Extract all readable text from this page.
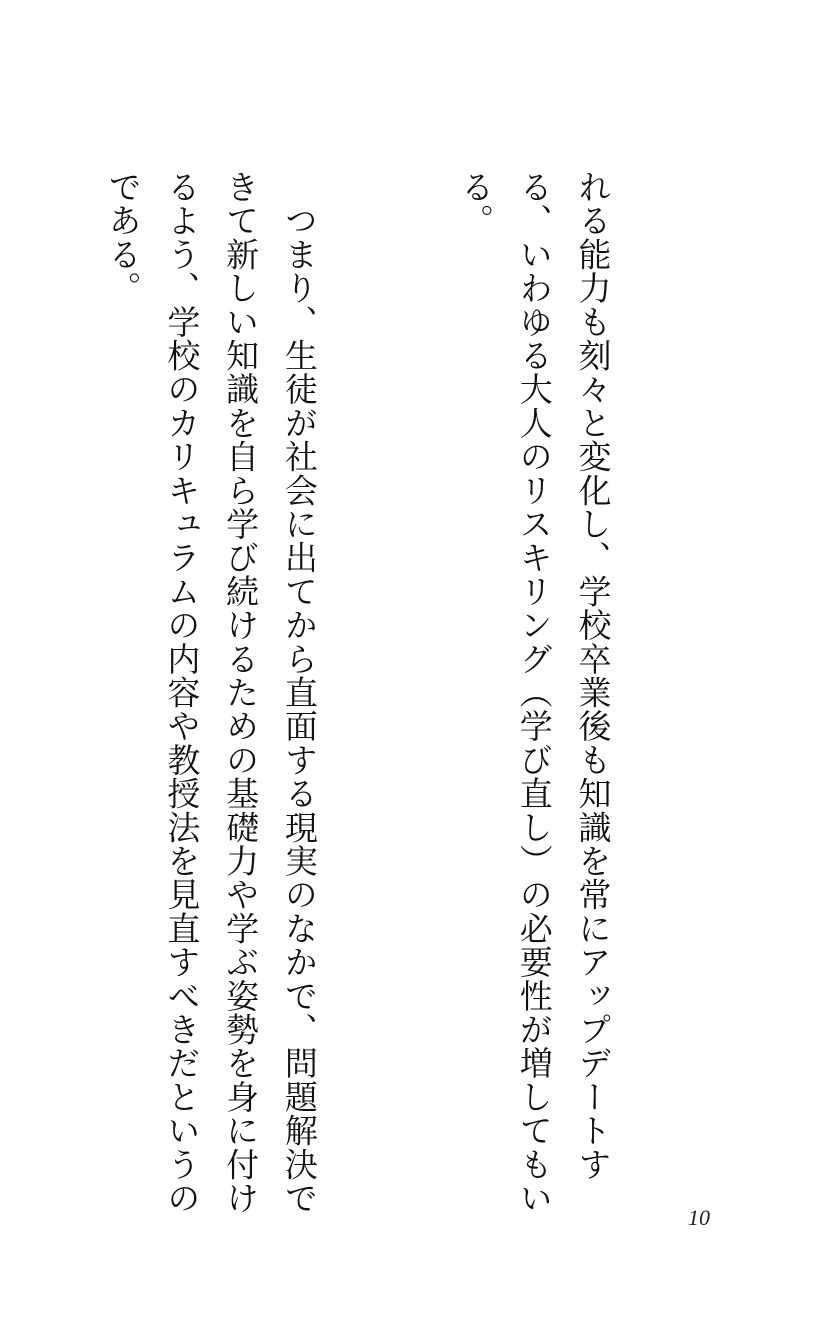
れる能力も刻々と変化し、学校卒業後も知識を常にアップデートする、いわゆる大人のリスキリング（学び直し）の必要性が増してもいる。

　つまり、生徒が社会に出てから直面する現実のなかで、問題解決できて新しい知識を自ら学び続けるための基礎力や学ぶ姿勢を身に付けるよう、学校のカリキュラムの内容や教授法を見直すべきだというのである。

10
